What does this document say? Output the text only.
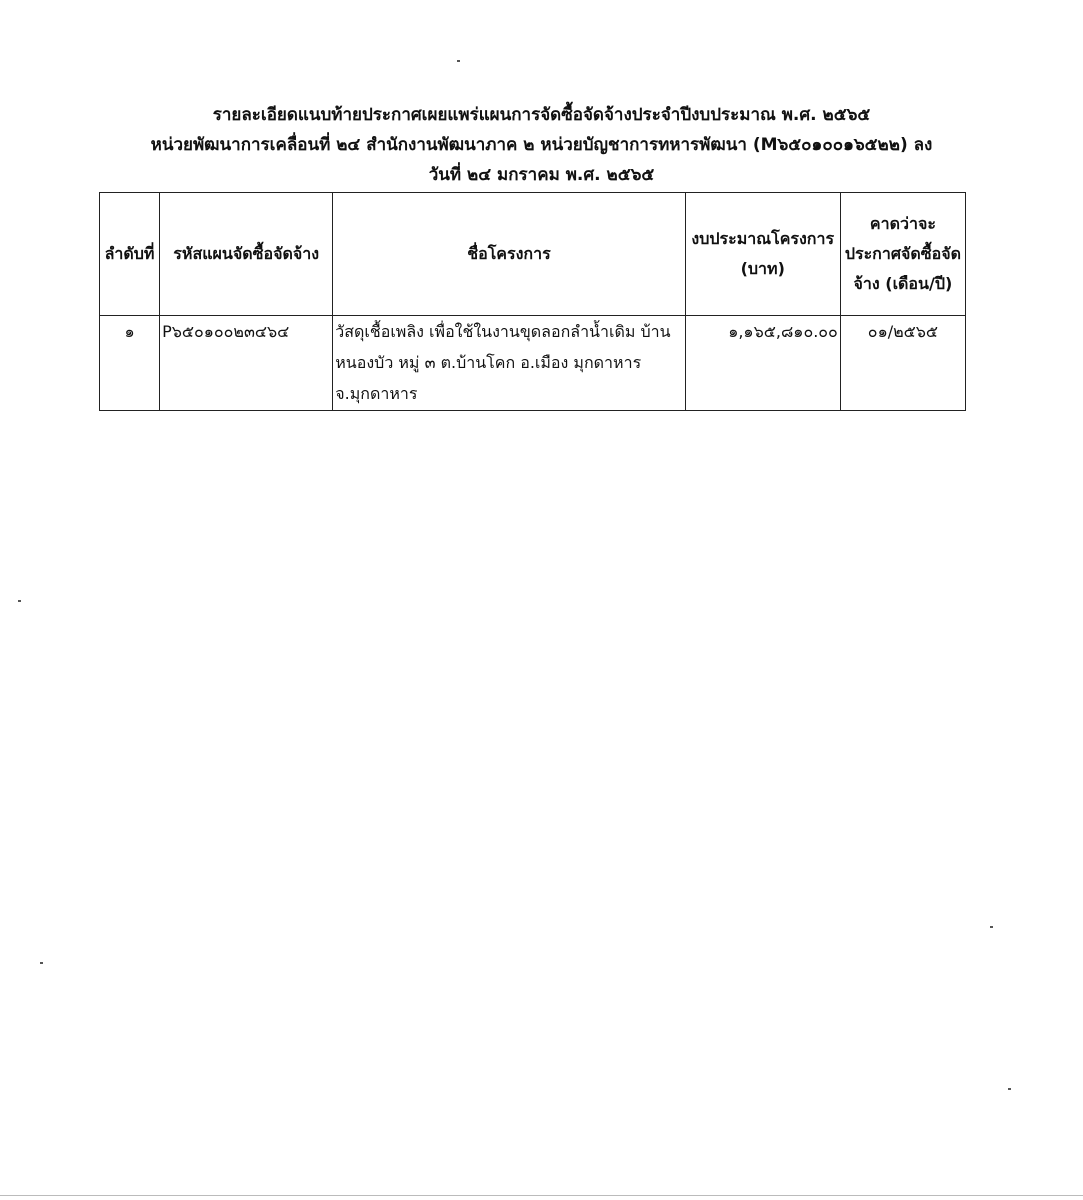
รายละเอียดแนบท้ายประกาศเผยแพร่แผนการจัดซื้อจัดจ้างประจำปีงบประมาณ พ.ศ. ๒๕๖๕
หน่วยพัฒนาการเคลื่อนที่ ๒๔ สำนักงานพัฒนาภาค ๒ หน่วยบัญชาการทหารพัฒนา (M๖๕๐๑๐๐๑๖๕๒๒) ลง
วันที่ ๒๔ มกราคม พ.ศ. ๒๕๖๕
ลำดับที่	รหัสแผนจัดซื้อจัดจ้าง	ชื่อโครงการ	งบประมาณโครงการ (บาท)	คาดว่าจะประกาศจัดซื้อจัดจ้าง (เดือน/ปี)
๑	P๖๕๐๑๐๐๒๓๔๖๔	วัสดุเชื้อเพลิง เพื่อใช้ในงานขุดลอกลำน้ำเดิม บ้านหนองบัว หมู่ ๓ ต.บ้านโคก อ.เมือง มุกดาหาร จ.มุกดาหาร	๑,๑๖๕,๘๑๐.๐๐	๐๑/๒๕๖๕
